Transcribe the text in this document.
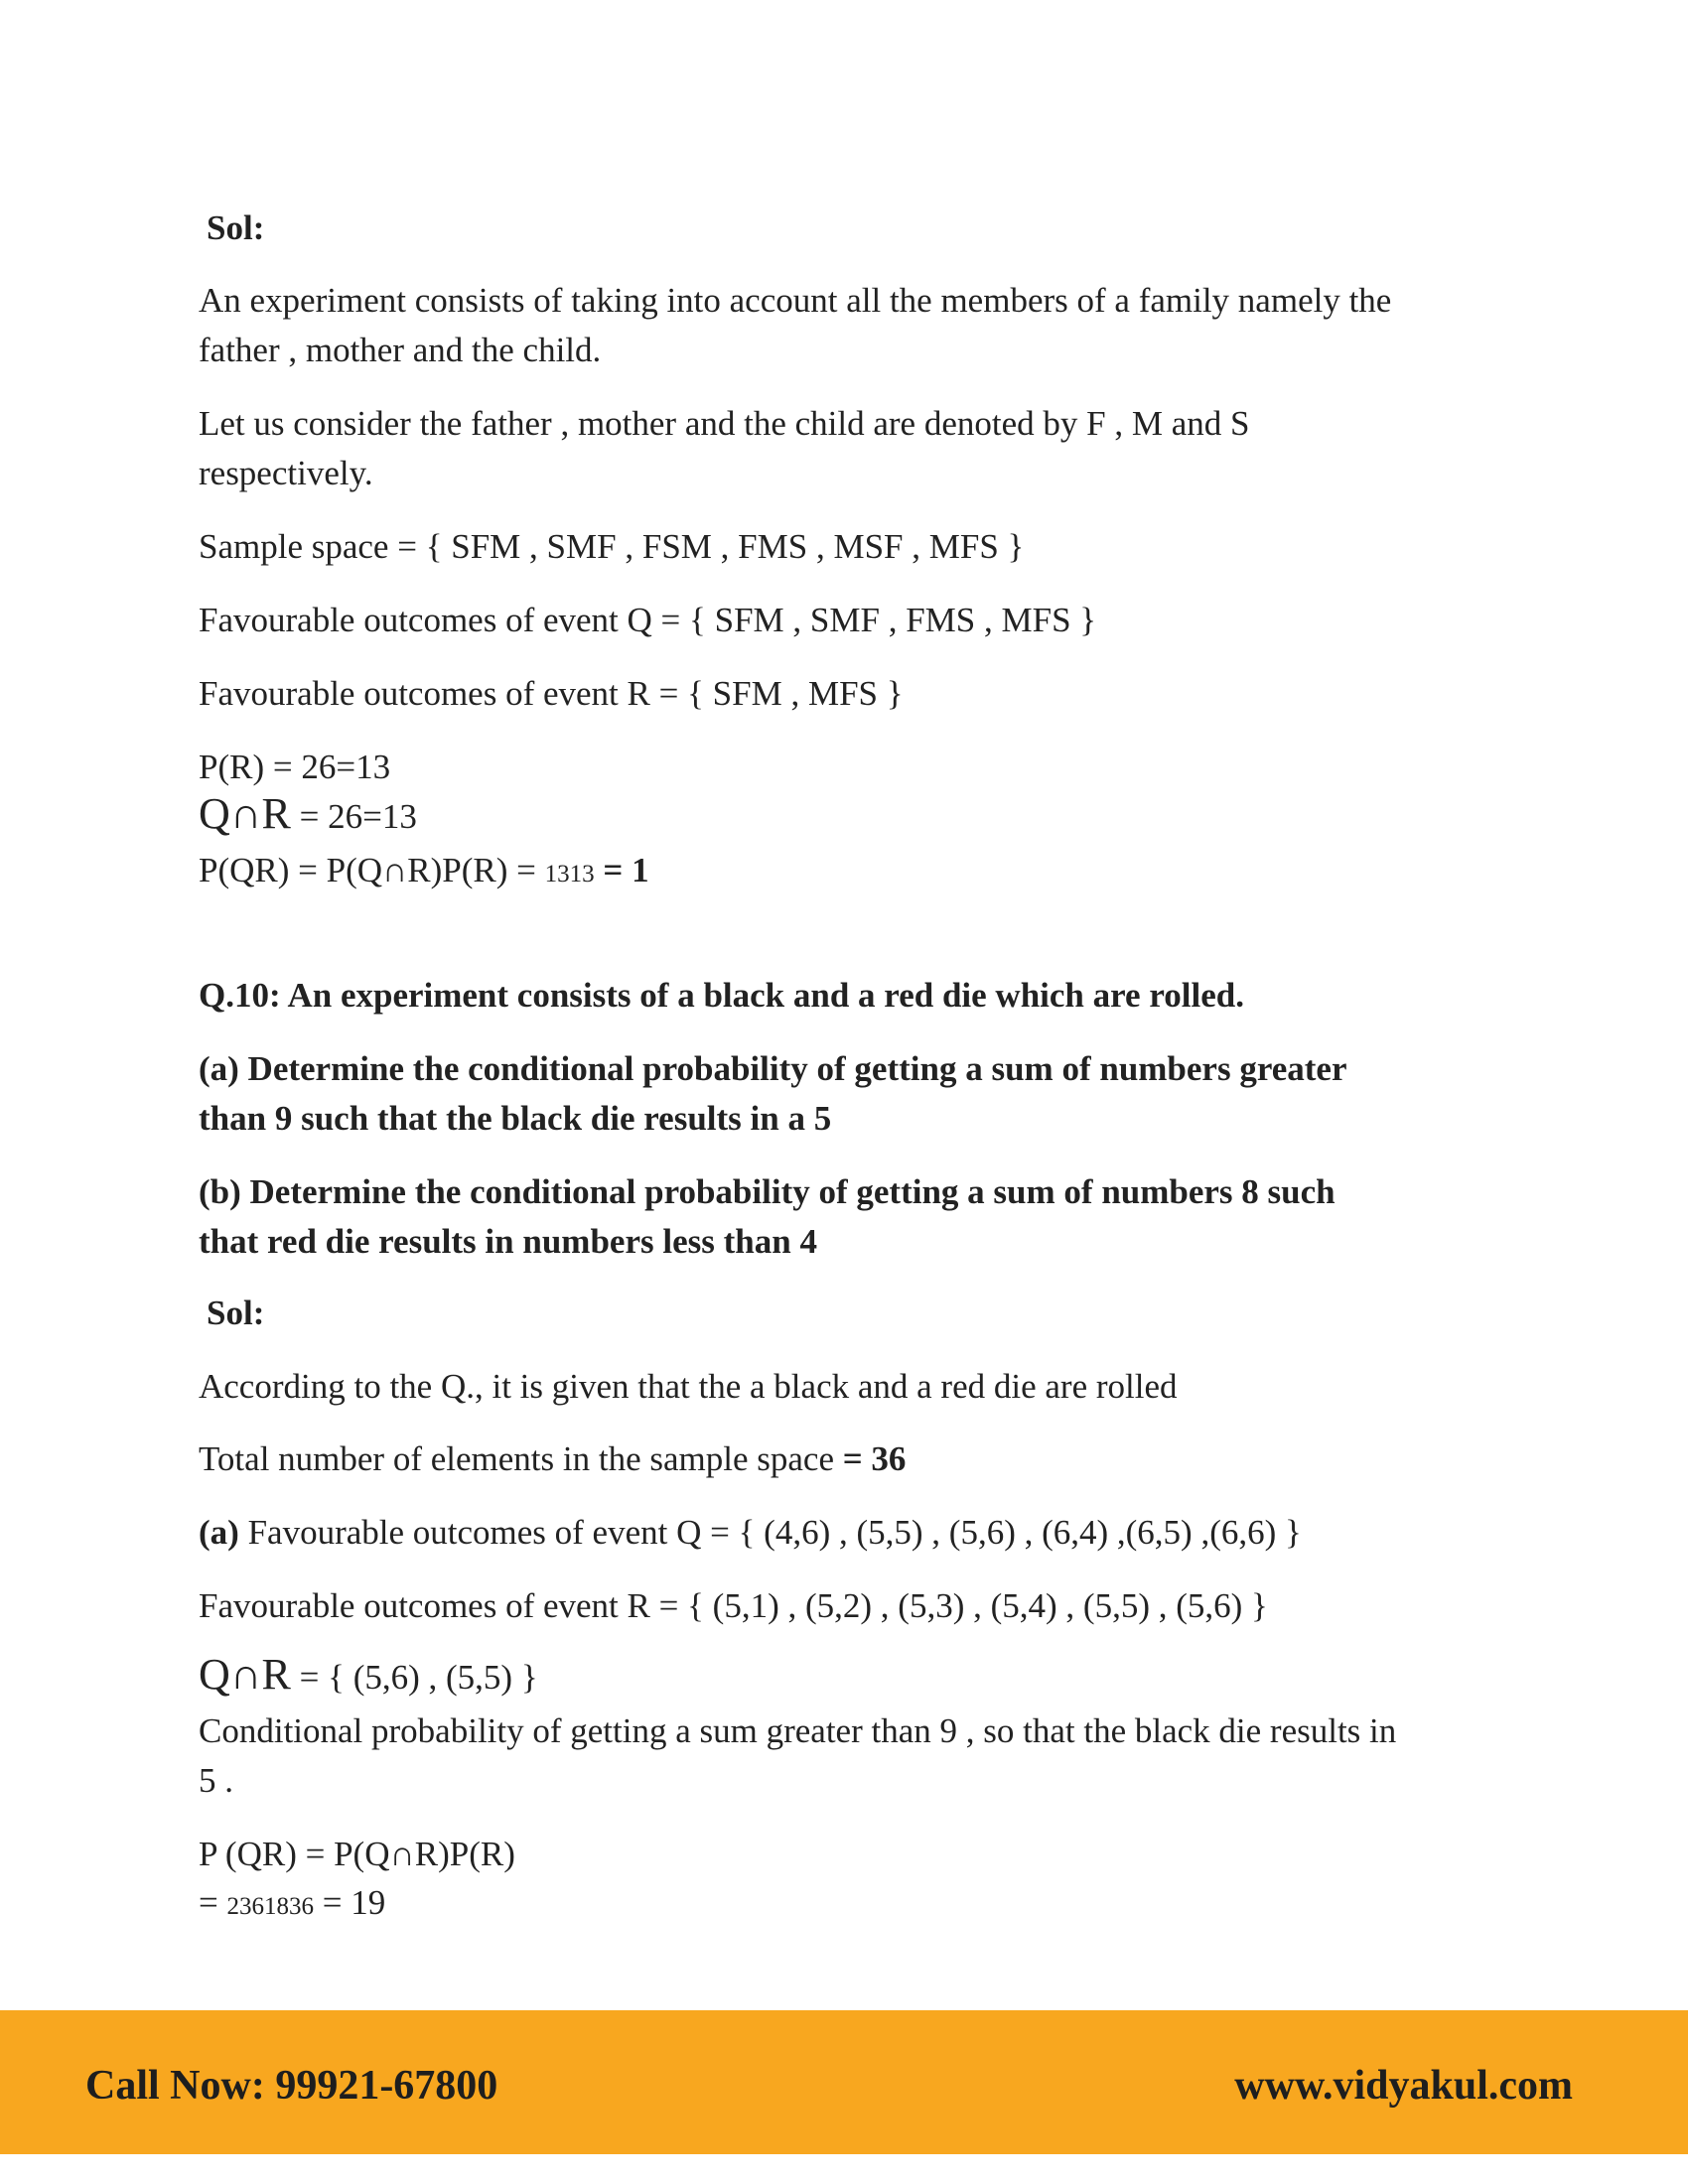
Sol:
An experiment consists of taking into account all the members of a family namely the
father , mother and the child.
Let us consider the father , mother and the child are denoted by F , M and S
respectively.
Sample space = { SFM , SMF , FSM , FMS , MSF , MFS }
Favourable outcomes of event Q = { SFM , SMF , FMS , MFS }
Favourable outcomes of event R = { SFM , MFS }
P(R) = 26=13
Q∩R = 26=13
P(QR) = P(Q∩R)P(R) = 1313 = 1
Q.10: An experiment consists of a black and a red die which are rolled.
(a) Determine the conditional probability of getting a sum of numbers greater
than 9 such that the black die results in a 5
(b) Determine the conditional probability of getting a sum of numbers 8 such
that red die results in numbers less than 4
Sol:
According to the Q., it is given that the a black and a red die are rolled
Total number of elements in the sample space = 36
(a) Favourable outcomes of event Q = { (4,6) , (5,5) , (5,6) , (6,4) ,(6,5) ,(6,6) }
Favourable outcomes of event R = { (5,1) , (5,2) , (5,3) , (5,4) , (5,5) , (5,6) }
Q∩R = { (5,6) , (5,5) }
Conditional probability of getting a sum greater than 9 , so that the black die results in
5 .
P (QR) = P(Q∩R)P(R)
= 2361836 = 19
Call Now: 99921-67800	www.vidyakul.com
